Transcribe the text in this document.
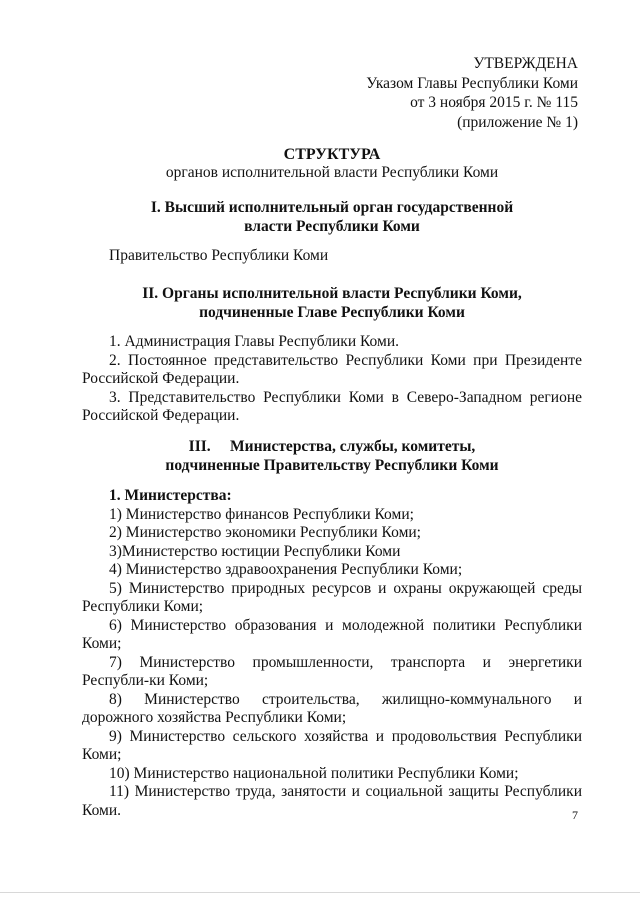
УТВЕРЖДЕНА
Указом Главы Республики Коми
от 3 ноября 2015 г. № 115
(приложение № 1)
СТРУКТУРА
органов исполнительной власти Республики Коми
I. Высший исполнительный орган государственной
власти Республики Коми

Правительство Республики Коми

II. Органы исполнительной власти Республики Коми,
подчиненные Главе Республики Коми

1. Администрация Главы Республики Коми.

2. Постоянное представительство Республики Коми при Президенте Российской Федерации.

3. Представительство Республики Коми в Северо-Западном регионе Российской Федерации.

III.     Министерства, службы, комитеты,
подчиненные Правительству Республики Коми

1. Министерства:

1) Министерство финансов Республики Коми;

2) Министерство экономики Республики Коми;

3)Министерство юстиции Республики Коми

4) Министерство здравоохранения Республики Коми;

5) Министерство природных ресурсов и охраны окружающей среды Республики Коми;

6) Министерство образования и молодежной политики Республики Коми;

7) Министерство промышленности, транспорта и энергетики Республи-ки Коми;

8) Министерство строительства, жилищно-коммунального и дорожного хозяйства Республики Коми;

9) Министерство сельского хозяйства и продовольствия Республики Коми;

10) Министерство национальной политики Республики Коми;

11) Министерство труда, занятости и социальной защиты Республики Коми.	7
